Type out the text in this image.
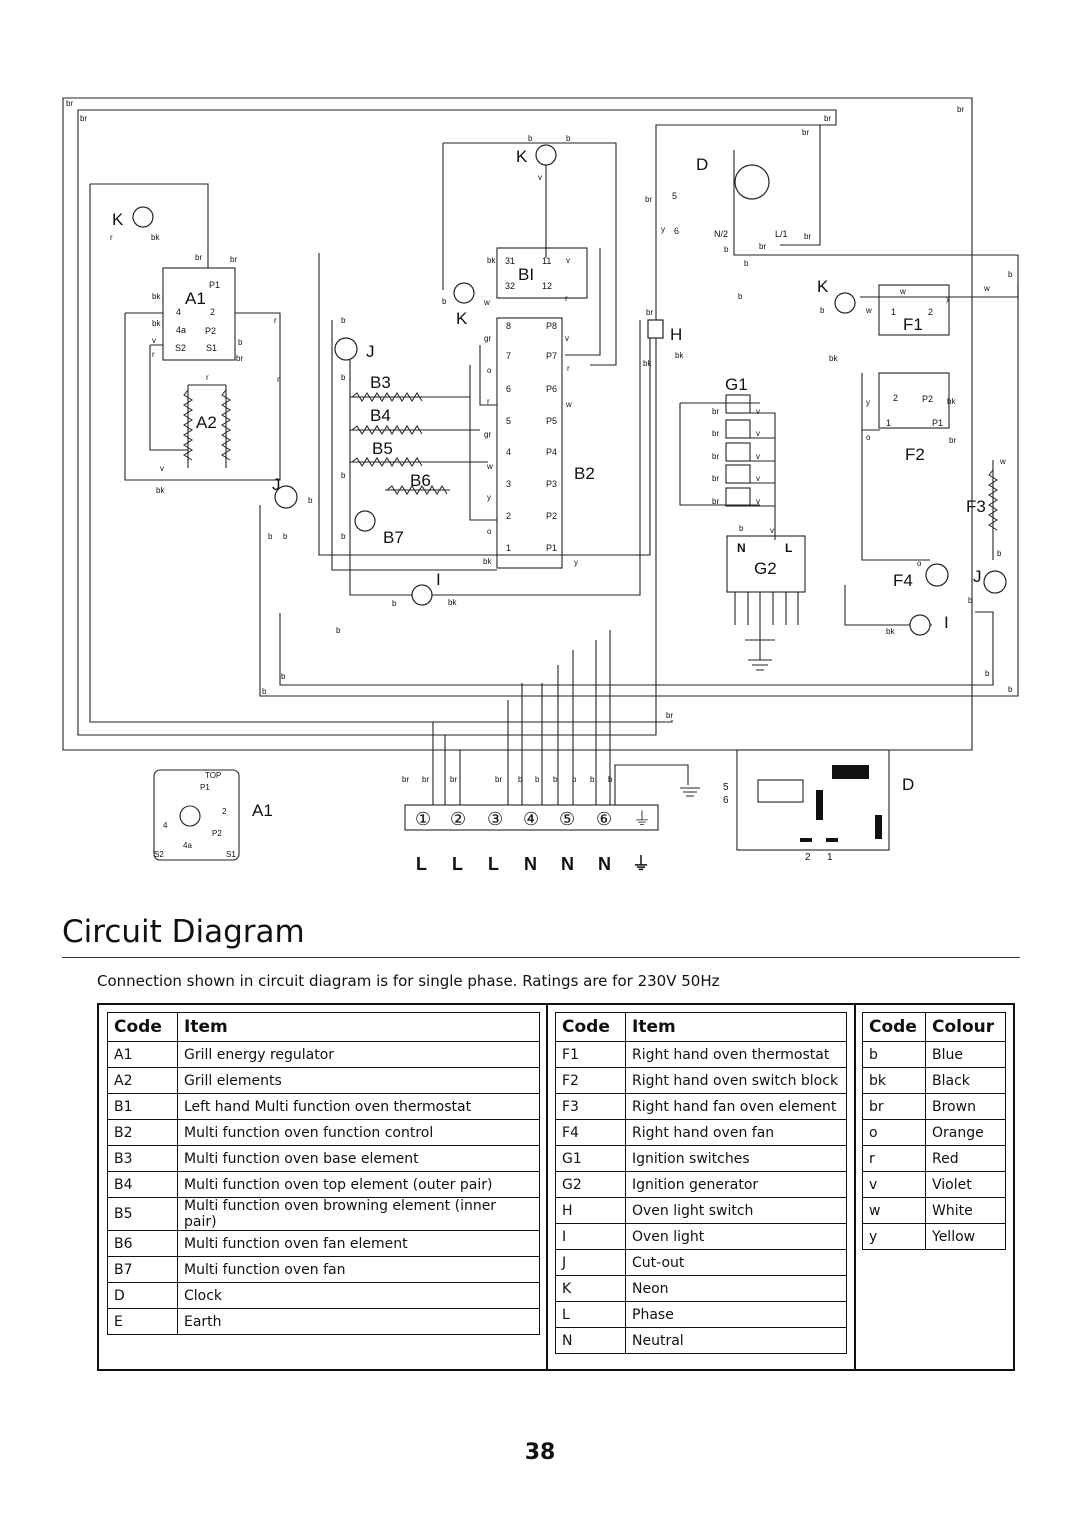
K
K
A1
A2
BI
K
J
B3
B4
B5
B6
B7
J
B2
I
D
H
G1
G2
K
F1
F2
F3
F4	J
I
A1
D
br
br
br
br
b	b
v
r	bk
br	br
bk
bk
v
r
r
b
br
r	r
v
bk
bk	v
b	w	r
b
gr	v
b
o	r
r	w
gr
w
b
y
b
o
b b	b
bk	y
b	bk
b
b
b
br
br
y
br
br
br
b
b
br
bk
bk
b
b	w
w
y
w
b
bk
y	bk
o	br
w
b
o
b
bk
b
b
br
br
br
br
br
v
v
v
v
v
b	v
P1
4	2
4a P2
S2 S1
31	11
32	12
P8
P7
P6
P5
P4
P3
P2
P1
8
7
6
5
4
3
2
1
5
6	N/2	L/1
1	2
2	P2
1	P1
N	L
br br	br	br b b b b b b
① ② ③ ④ ⑤ ⑥ ⏚
L L L N N N ⏚
TOP
P1
2
4
P2
4a
S2	S1
5
6
2 1
Circuit Diagram
Connection shown in circuit diagram is for single phase. Ratings are for 230V 50Hz
Code	Item
A1	Grill energy regulator
A2	Grill elements
B1	Left hand Multi function oven thermostat
B2	Multi function oven function control
B3	Multi function oven base element
B4	Multi function oven top element (outer pair)
B5	Multi function oven browning element (inner pair)
B6	Multi function oven fan element
B7	Multi function oven fan
D	Clock
E	Earth
Code	Item
F1	Right hand oven thermostat
F2	Right hand oven switch block
F3	Right hand fan oven element
F4	Right hand oven fan
G1	Ignition switches
G2	Ignition generator
H	Oven light switch
I	Oven light
J	Cut-out
K	Neon
L	Phase
N	Neutral
Code	Colour
b	Blue
bk	Black
br	Brown
o	Orange
r	Red
v	Violet
w	White
y	Yellow
38
